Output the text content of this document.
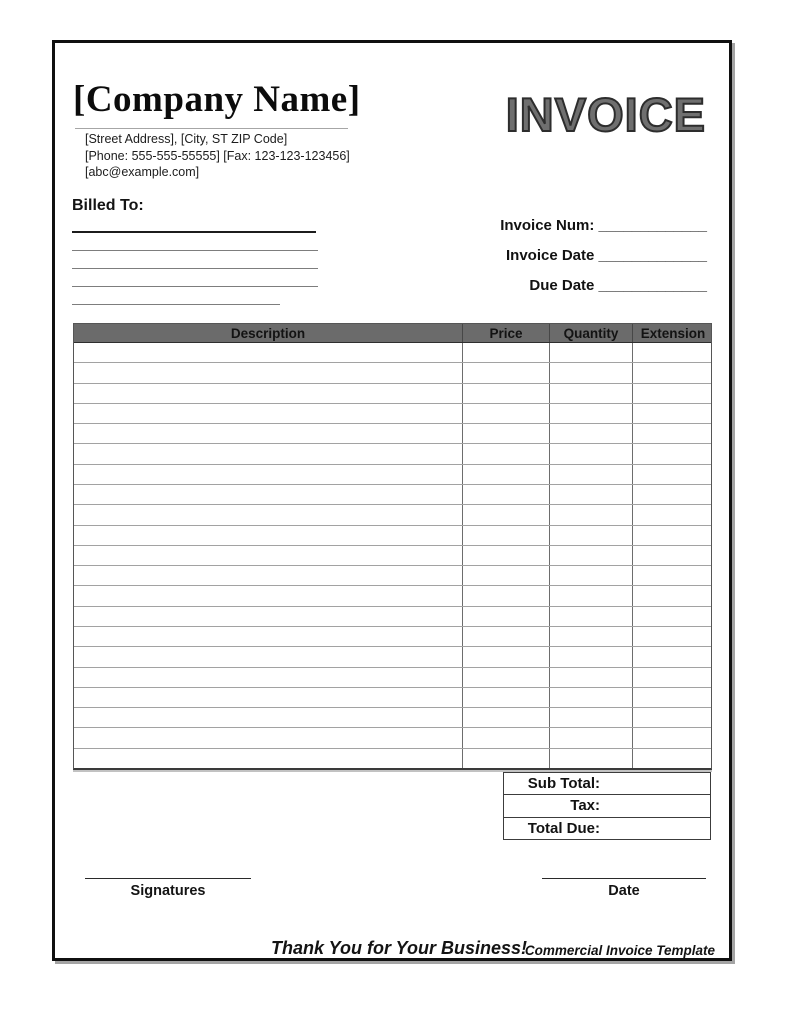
[Company Name]
[Street Address], [City, ST ZIP Code]
[Phone: 555-555-55555] [Fax: 123-123-123456]
[abc@example.com]
INVOICE
Billed To:
Invoice Num: _____________
Invoice Date _____________
Due Date _____________
Description	Price	Quantity	Extension
Sub Total:
Tax:
Total Due:
Signatures	Date
Thank You for Your Business!
Commercial Invoice Template
